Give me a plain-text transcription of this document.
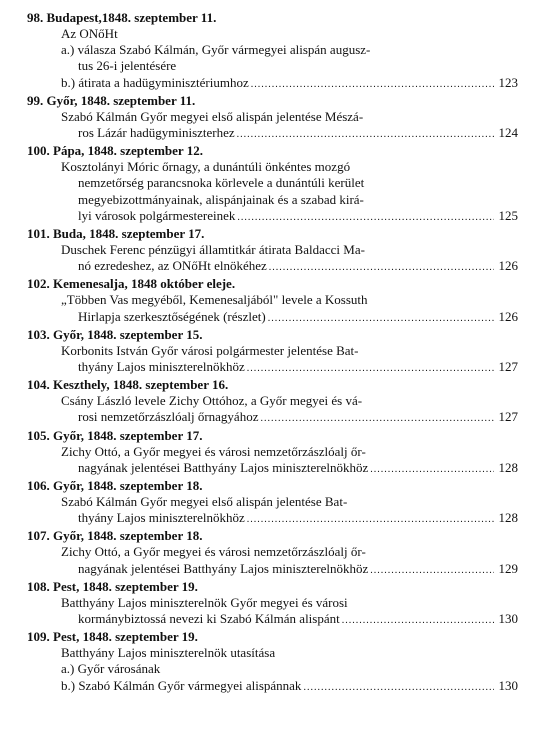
98. Budapest,1848. szeptember 11.
Az ONőHt
a.) válasza Szabó Kálmán, Győr vármegyei alispán augusz-
tus 26-i jelentésére
b.) átirata a hadügyminisztériumhoz .....	123
99. Győr, 1848. szeptember 11.
Szabó Kálmán Győr megyei első alispán jelentése Mészá-
ros Lázár hadügyminiszterhez .....	124
100. Pápa, 1848. szeptember 12.
Kosztolányi Móric őrnagy, a dunántúli önkéntes mozgó
nemzetőrség parancsnoka körlevele a dunántúli kerület
megyebizottmányainak, alispánjainak és a szabad kirá-
lyi városok polgármestereinek .....	125
101. Buda, 1848. szeptember 17.
Duschek Ferenc pénzügyi államtitkár átirata Baldacci Ma-
nó ezredeshez, az ONőHt elnökéhez .....	126
102. Kemenesalja, 1848 október eleje.
„Többen Vas megyéből, Kemenesaljából" levele a Kossuth
Hirlapja szerkesztőségének (részlet) .....	126
103. Győr, 1848. szeptember 15.
Korbonits István Győr városi polgármester jelentése Bat-
thyány Lajos miniszterelnökhöz .....	127
104. Keszthely, 1848. szeptember 16.
Csány László levele Zichy Ottóhoz, a Győr megyei és vá-
rosi nemzetőrzászlóalj őrnagyához .....	127
105. Győr, 1848. szeptember 17.
Zichy Ottó, a Győr megyei és városi nemzetőrzászlóalj őr-
nagyának jelentései Batthyány Lajos miniszterelnökhöz .....	128
106. Győr, 1848. szeptember 18.
Szabó Kálmán Győr megyei első alispán jelentése Bat-
thyány Lajos miniszterelnökhöz .....	128
107. Győr, 1848. szeptember 18.
Zichy Ottó, a Győr megyei és városi nemzetőrzászlóalj őr-
nagyának jelentései Batthyány Lajos miniszterelnökhöz .....	129
108. Pest, 1848. szeptember 19.
Batthyány Lajos miniszterelnök Győr megyei és városi
kormánybiztossá nevezi ki Szabó Kálmán alispánt .....	130
109. Pest, 1848. szeptember 19.
Batthyány Lajos miniszterelnök utasítása
a.) Győr városának
b.) Szabó Kálmán Győr vármegyei alispánnak .....	130
